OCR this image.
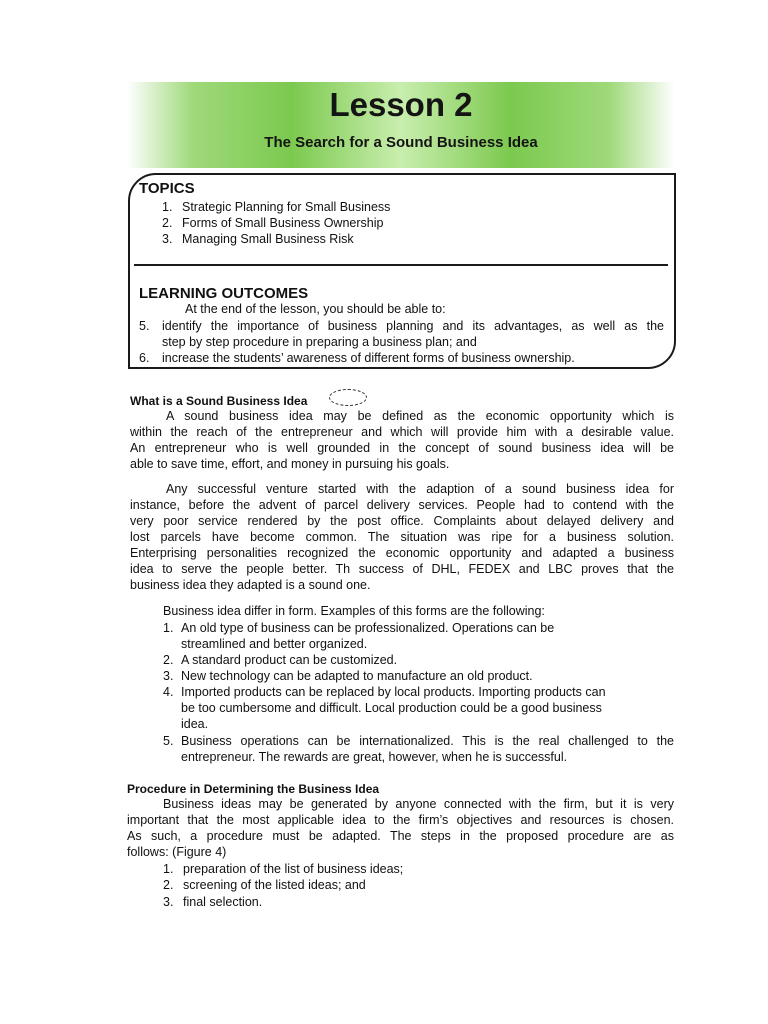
Lesson 2
The Search for a Sound Business Idea
TOPICS
1. Strategic Planning for Small Business
2. Forms of Small Business Ownership
3. Managing Small Business Risk
LEARNING OUTCOMES
At the end of the lesson, you should be able to:
5. identify the importance of business planning and its advantages, as well as the
step by step procedure in preparing a business plan; and
6. increase the students’ awareness of different forms of business ownership.
What is a Sound Business Idea
A sound business idea may be defined as the economic opportunity which is
within the reach of the entrepreneur and which will provide him with a desirable value.
An entrepreneur who is well grounded in the concept of sound business idea will be
able to save time, effort, and money in pursuing his goals.
Any successful venture started with the adaption of a sound business idea for
instance, before the advent of parcel delivery services. People had to contend with the
very poor service rendered by the post office. Complaints about delayed delivery and
lost parcels have become common. The situation was ripe for a business solution.
Enterprising personalities recognized the economic opportunity and adapted a business
idea to serve the people better. Th success of DHL, FEDEX and LBC proves that the
business idea they adapted is a sound one.
Business idea differ in form. Examples of this forms are the following:
1. An old type of business can be professionalized. Operations can be
streamlined and better organized.
2. A standard product can be customized.
3. New technology can be adapted to manufacture an old product.
4. Imported products can be replaced by local products. Importing products can
be too cumbersome and difficult. Local production could be a good business
idea.
5. Business operations can be internationalized. This is the real challenged to the
entrepreneur. The rewards are great, however, when he is successful.
Procedure in Determining the Business Idea
Business ideas may be generated by anyone connected with the firm, but it is very
important that the most applicable idea to the firm’s objectives and resources is chosen.
As such, a procedure must be adapted. The steps in the proposed procedure are as
follows: (Figure 4)
1. preparation of the list of business ideas;
2. screening of the listed ideas; and
3. final selection.
